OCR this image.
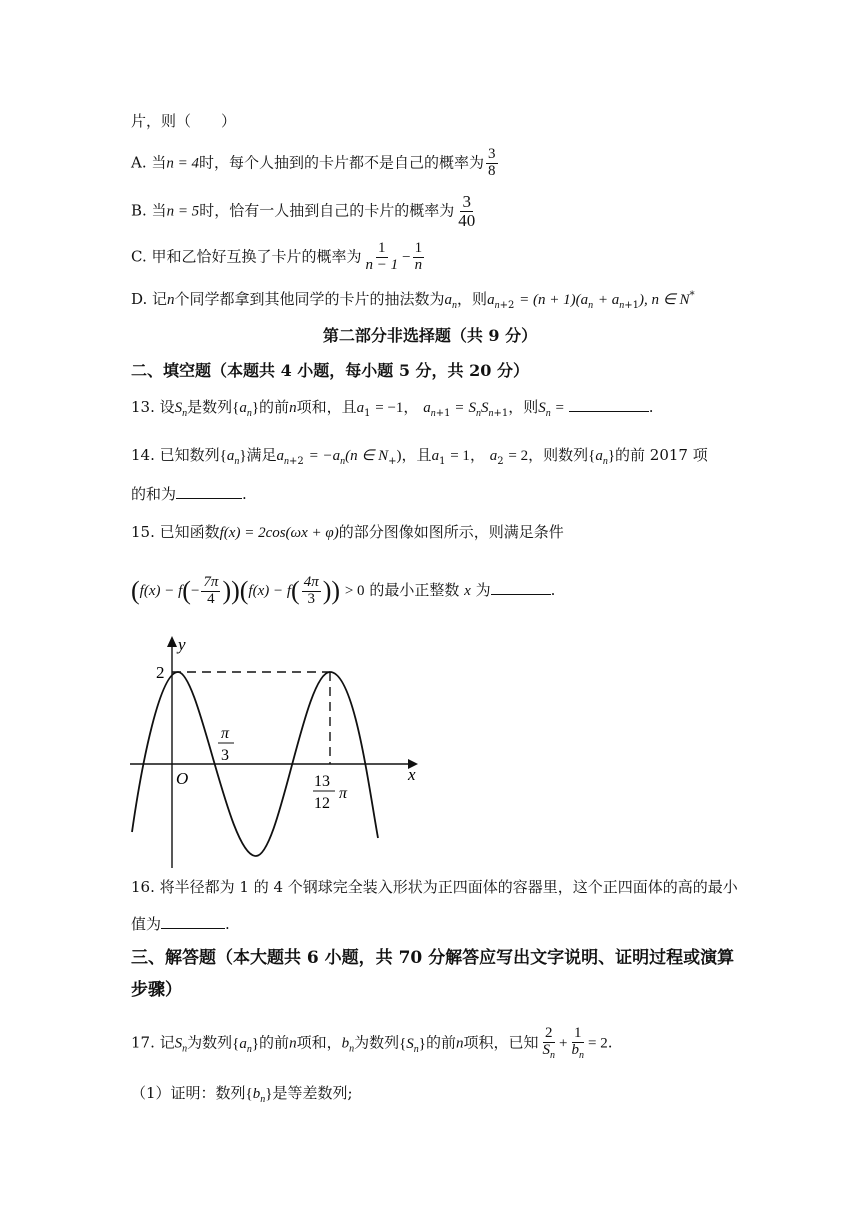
片，则（　　）
A. 当n = 4时，每个人抽到的卡片都不是自己的概率为 $\frac{3}{8}$
B. 当n = 5时，恰有一人抽到自己的卡片的概率为 $\frac{3}{40}$
C. 甲和乙恰好互换了卡片的概率为 $\frac{1}{n - 1} - \frac{1}{n}$
D. 记n个同学都拿到其他同学的卡片的抽法数为$a_n$，则$a_{n+2} = (n + 1)(a_n + a_{n+1})$, n ∈ N*
第二部分非选择题（共 9 分）
二、填空题（本题共 4 小题，每小题 5 分，共 20 分）
13. 设$S_n$是数列$\{a_n\}$的前n项和，且$a_1 = -1$， $a_{n+1} = S_nS_{n+1}$，则$S_n$ =	.
14. 已知数列$\{a_n\}$满足$a_{n+2} = -a_n(n$ ∈ $N_+$)，且$a_1 = 1$， $a_2 = 2$，则数列$\{a_n\}$的前 2017 项
的和为	.
15. 已知函数f(x) = 2cos(ωx + φ)的部分图像如图所示，则满足条件
$(f(x) - f(- \frac{7\pi}{4} ))(f(x) - f( \frac{4\pi}{3}$ )) > 0 的最小正整数 x 为	.
y
x
O
2
π
3
13
12
π
16. 将半径都为 1 的 4 个钢球完全装入形状为正四面体的容器里，这个正四面体的高的最小
值为	.
三、解答题（本大题共 6 小题，共 70 分解答应写出文字说明、证明过程或演算
步骤）
17. 记$S_n$为数列$\{a_n\}$的前n项和，$b_n$为数列$\{S_n\}$的前n项积，已知 $\frac{2}{S_n} + \frac{1}{b_n} = 2$.
（1）证明：数列$\{b_n\}$是等差数列;
